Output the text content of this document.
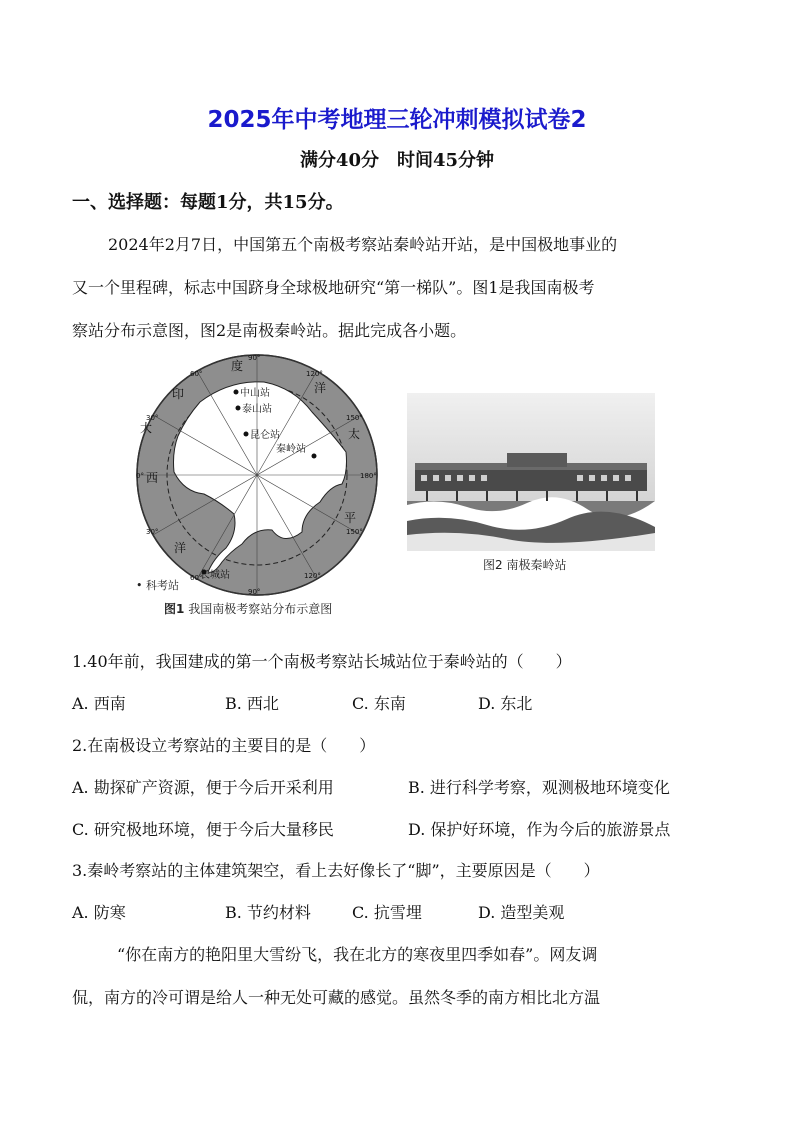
2025年中考地理三轮冲刺模拟试卷2
满分40分　时间45分钟
一、选择题：每题1分，共15分。
2024年2月7日，中国第五个南极考察站秦岭站开站，是中国极地事业的
又一个里程碑，标志中国跻身全球极地研究“第一梯队”。图1是我国南极考
察站分布示意图，图2是南极秦岭站。据此完成各小题。
度
印	洋
太
平
大
西
洋
90°
60°
30°
0°
30°
60°
90°
120°
150°
180°
150°
120°
中山站
泰山站
昆仑站
秦岭站
长城站
• 科考站
图1 我国南极考察站分布示意图
图2 南极秦岭站
1.40年前，我国建成的第一个南极考察站长城站位于秦岭站的（　　）
A. 西南	B. 西北	C. 东南	D. 东北
2.在南极设立考察站的主要目的是（　　）
A. 勘探矿产资源，便于今后开采利用	B. 进行科学考察，观测极地环境变化
C. 研究极地环境，便于今后大量移民	D. 保护好环境，作为今后的旅游景点
3.秦岭考察站的主体建筑架空，看上去好像长了“脚”，主要原因是（　　）
A. 防寒	B. 节约材料	C. 抗雪埋	D. 造型美观
“你在南方的艳阳里大雪纷飞，我在北方的寒夜里四季如春”。网友调
侃，南方的冷可谓是给人一种无处可藏的感觉。虽然冬季的南方相比北方温
